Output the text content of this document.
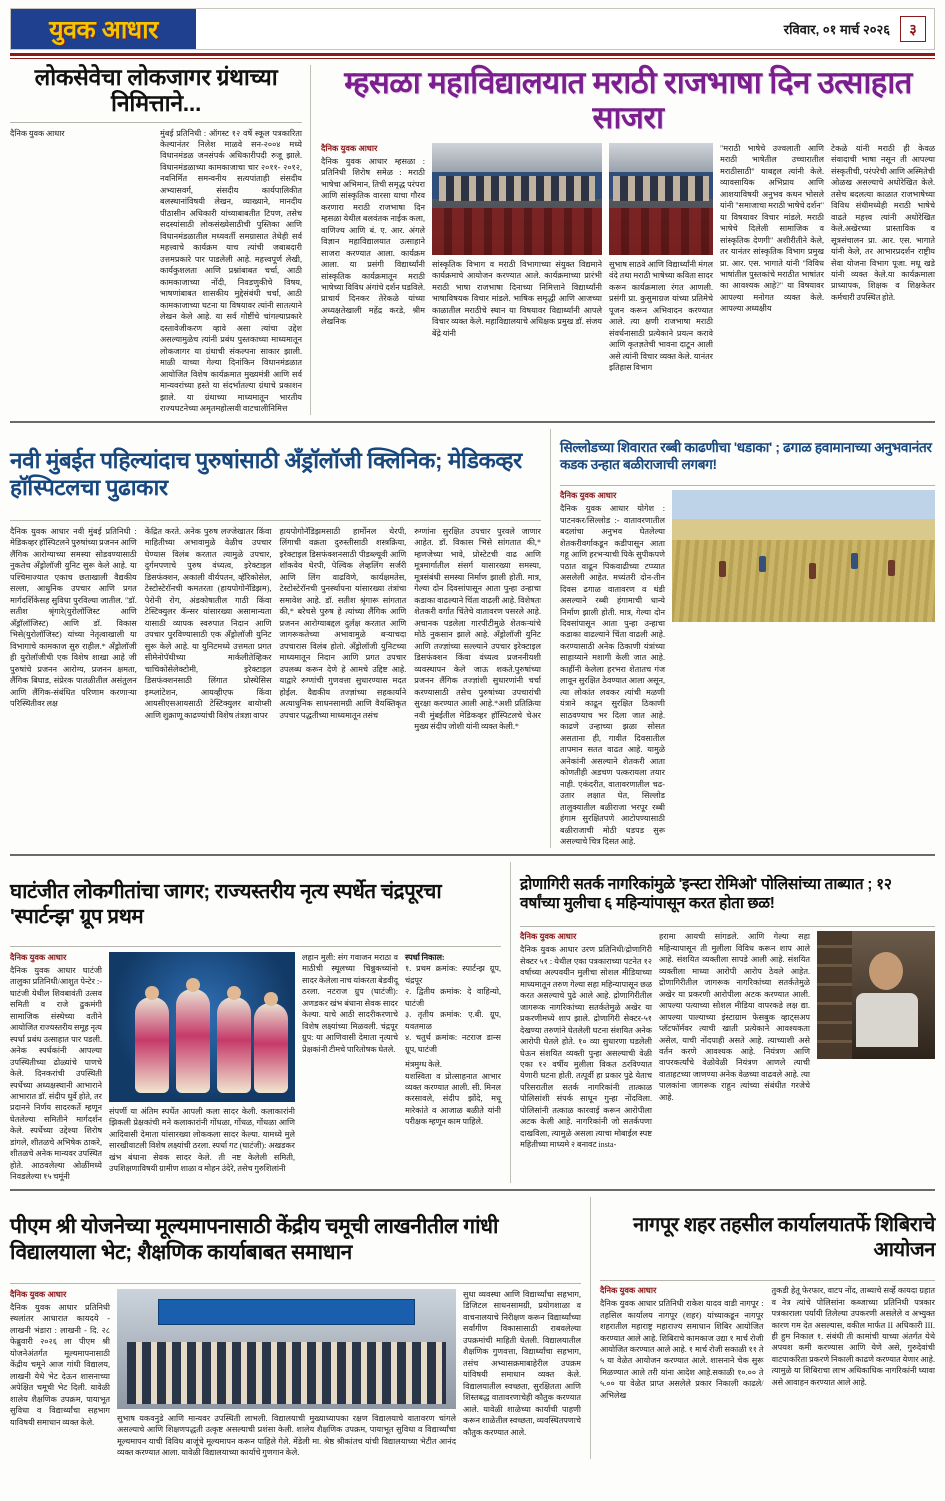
युवक आधार	रविवार, ०१ मार्च २०२६	३
लोकसेवेचा लोकजागर ग्रंथाच्या निमित्ताने...
दैनिक युवक आधार	मुंबई प्रतिनिधी : ऑगस्ट १२ वर्षे स्कूल पत्रकारिता केल्यानंतर निलेश माळवे सन-२००४ मध्ये विधानमंडळ जनसंपर्क अधिकारीपदी रुजू झाले. विधानमंडळाच्या कामकाजाचा चार २०११- २०१२, नवनिर्मित समन्वनीय सत्यपांताही संसदीय अभ्यासवर्ग, संसदीय कार्यपालिकीत बलस्थानांविषयी लेखन, व्याख्याने, मानदीय पीठासीन अधिकारी यांच्याबाबतीत टिपण, तसेच सदस्यांसाठी लोकसंख्येसाठीची पुस्तिका आणि विधानमंडळातील मध्यवर्ती समग्रासात तेथेही सर्व महत्त्वाचे कार्यक्रम याच त्यांची जबाबदारी उत्तमप्रकारे पार पाडलेली आहे. महत्त्वपूर्ण लेखी, कार्यकुशलता आणि प्रश्नांबाबत चर्चा, आठी कामकाजाच्या नोंदी, निवडणुकीचे विषय, भाषणांबाबत शासकीय मुद्देसंबंधी चर्चा, आठी कामकाजाच्या घटना या विषयावर त्यांनी सातत्याने लेखन केले आहे. या सर्व गोष्टींचे चांगल्याप्रकारे दस्तावेजीकरण व्हावे असा त्यांचा उद्देश असल्यामुळेच त्यांनी प्रबंध पुस्तकाच्या माध्यमातून लोकजागर या ग्रंथाची संकल्पना साकार झाली. माळी याच्या गेल्या दिनांकिन विधानमंडळात आयोजित विशेष कार्यक्रमात मुख्यमंत्री आणि सर्व मान्यवरांच्या हस्ते या संदर्भातल्या ग्रंथाचे प्रकाशन झाले. या ग्रंथाच्या माध्यमातून भारतीय राज्यघटनेच्या अमृतमहोत्सवी वाटचालीनिमित्त
म्हसळा महाविद्यालयात मराठी राजभाषा दिन उत्साहात साजरा
दैनिक युवक आधार
दैनिक युवक आधार म्हसळा : प्रतिनिधी शिरोष समेळ : मराठी भाषेचा अभिमान, तिची समृद्ध परंपरा आणि सांस्कृतिक वारसा याचा गौरव करणारा मराठी राजभाषा दिन म्हसळा येथील बलवंतक नाईक कला, वाणिज्य आणि बं. ए. आर. अंगले विज्ञान महाविद्यालयात उत्साहाने साजरा करण्यात आला. कार्यक्रम आला. या प्रसंगी विद्यार्थ्यांनी सांस्कृतिक कार्यक्रमातून मराठी भाषेच्या विविध अंगांचे दर्शन घडविले. प्राचार्य दिनकर तेरेकळे यांच्या अध्यक्षतेखाली महेंद्र करडे, श्रीम लेखनिक
सांस्कृतिक विभाग व मराठी विभागाच्या संयुक्त विद्यमाने कार्यक्रमाचे आयोजन करण्यात आले. कार्यक्रमाच्या प्रारंभी मराठी भाषा राजभाषा दिनाच्या निमित्ताने विद्यार्थ्यांनी भाषाविषयक विचार मांडले. भाषिक समृद्धी आणि आजच्या काळातील मराठीचे स्थान या विषयावर विद्यार्थ्यांनी आपले विचार व्यक्त केले. महाविद्यालयाचे अधिक्षक प्रमुख डॉ. संजय बेंद्रे यांनी
सुभाष साठवे आणि विद्यार्थ्यांनी मंगल वंदे तथा मराठी भाषेच्या कविता सादर करून कार्यक्रमाला रंगत आणली. प्रसंगी प्रा. कुसुमाग्रज यांच्या प्रतिमेचे पूजन करून अभिवादन करण्यात आले. त्या क्षणी राजभाषा मराठी संवर्धनासाठी प्रत्येकाने प्रयत्न करावे आणि कृतज्ञतेची भावना दाटून आली असे त्यांनी विचार व्यक्त केले. यानंतर इतिहास विभाग
"मराठी भाषेचे उज्वलाती आणि मराठी भाषेतील उच्चारातील मराठीसाठी" याबद्दल त्यांनी केले. व्यावसायिक अभिप्राय आणि आशयाविषयी अनुभव कथन भोसले यांनी "समाजाचा मराठी भाषेचे दर्शन" या विषयावर विचार मांडले. मराठी भाषेचे दिलेली सामाजिक व सांस्कृतिक देणगी" अशीरीतीने केले, तर यानंतर सांस्कृतिक विभाग प्रमुख प्रा. आर. एस. भागाते यांनी "विविध भाषांतील पुस्तकांचे मराठीत भाषांतर का आवश्यक आहे?" या विषयावर आपल्या मनोगत व्यक्त केले. आपल्या अध्यक्षीय
टेकळे यांनी मराठी ही केवळ संवादाची भाषा नसून ती आपल्या संस्कृतीची, परंपरेची आणि अस्मितेची ओळख असल्याचे अधोरेखित केले. तसेच बदलत्या काळात राजभाषेच्या विविध संधीमध्येही मराठी भाषेचे वाढते महत्त्व त्यांनी अधोरेखित केले.अखेरच्या प्रास्ताविक व सूत्रसंचालन प्रा. आर. एस. भागाते यांनी केले, तर आभारप्रदर्शन राष्ट्रीय सेवा योजना विभाग पूजा. मधू खडे यांनी व्यक्त केले.या कार्यक्रमाला प्राध्यापक, शिक्षक व शिक्षकेतर कर्मचारी उपस्थित होते.
नवी मुंबईत पहिल्यांदाच पुरुषांसाठी अँड्रॉलॉजी क्लिनिक; मेडिकव्हर हॉस्पिटलचा पुढाकार
दैनिक युवक आधार नवी मुंबई प्रतिनिधी : मेडिकव्हर हॉस्पिटलने पुरुषांच्या प्रजनन आणि लैंगिक आरोग्याच्या समस्या सोडवण्यासाठी नुकतेच अँड्रोलॉजी युनिट सुरू केले आहे. या पश्चिमाज्यात एकाच छताखाली वैद्यकीय सल्ला, आधुनिक उपचार आणि प्रगत मार्गदर्शिकेसह सुविधा पुरविल्या जातील. "डॉ. सतीश श्रृंगारे(युरोलॉजिस्ट आणि अँड्रॉलॉजिस्ट) आणि डॉ. विकास भिसे(युरोलॉजिस्ट) यांच्या नेतृत्वाखाली या विभागाचे कामकाज सुरु राहील.* अँड्रोलॉजी ही युरोलॉजीची एक विशेष शाखा आहे जी पुरुषांचे प्रजनन आरोग्य, प्रजनन क्षमता, लैंगिक बिघाड, संप्रेरक पातळीतील असंतुलन आणि लैंगिक-संबंधित परिणाम करणाऱ्या परिस्थितीवर लक्ष
केंद्रित करते. अनेक पुरुष लज्जेखातर किंवा माहितीच्या अभावामुळे वेळीच उपचार घेण्यास विलंब करतात त्यामुळे उपचार, दुर्गमपणाचे पुरुष वंध्यत्व, इरेक्टाइल डिसफंक्शन, अकाली वीर्यपतन, व्हॅरिकोसेल, टेस्टोस्टेरॉनची कमतरता (हायपोगोनॅडिझम), पेरोनी रोग, अंडकोषातील गाठी किंवा टेस्टिक्युलर कॅन्सर यांसारख्या असामान्यता यासाठी व्यापक स्वरुपात निदान आणि उपचार पुरविण्यासाठी एक अँड्रोलॉजी युनिट सुरू केले आहे. या युनिटमध्ये उत्तमता प्रगत सीमेनोपॅथीच्या मार्कलीतेव्हिकर चाचिकोसेलेक्टोमी, इरेक्टाइल डिसफंक्शनसाठी लिंगात प्रोस्थेसिस इम्प्लांटेशन, आयव्हीएफ किंवा आयसीएसआयसाठी टेस्टिक्युलर बायोप्सी आणि शुक्राणू काढण्यांची विशेष तंत्रज्ञा वापर
हायपोगोनॅडिझमसाठी हार्मोनल थेरपी, लिंगाची वक्रता दुरुस्तीसाठी शस्त्रक्रिया, इरेक्टाइल डिसफंक्शनसाठी पीडब्ल्यूवी आणि शॉकवेव थेरपी, पेल्विक लेव्हलिंग सर्जरी आणि लिंग वाढविणे, कार्यक्षमतेस, टेस्टोस्टेरॉनची पुनर्स्थापना यांसारख्या तंत्रांचा समावेश आहे. डॉ. सतीश श्रृंगारू सांगतात की,* बरेचसे पुरुष हे त्यांच्या लैंगिक आणि प्रजनन आरोग्याबद्दल दुर्लक्ष करतात आणि जागरूकतेच्या अभावामुळे बऱ्याचदा उपचारास विलंब होतो. अँड्रोलॉजी युनिटच्या माध्यमातून निदान आणि प्रगत उपचार उपलब्ध करून देणे हे आमचे उद्दिष्ट आहे. याद्वारे रुग्णांची गुणवत्ता सुधारण्यास मदत होईल. वैद्यकीय तज्ज्ञांच्या सहकार्याने अत्याधुनिक साधनसामग्री आणि वैयक्तिकृत उपचार पद्धतीच्या माध्यमातून तसंच
रुग्णांना सुरक्षित उपचार पुरवले जाणार आहेत. डॉ. विकास भिसे सांगतात की,* म्हणजेच्या भावे, प्रोस्टेटची वाढ आणि मूत्रमार्गातील संसर्ग यासारख्या समस्या, मूत्रसंबंधी समस्या निर्माण झाली होती. मात्र, गेल्या दोन दिवसांपासून आता पुन्हा उन्हाचा कडाका वाढल्याने चिंता वाढली आहे. विशेषतः शेतकरी वर्गात चिंतेचे वातावरण पसरले आहे. अचानक पडलेला गारपीटीमुळे शेतकऱ्यांचे मोठे नुकसान झाले आहे. अँड्रोलॉजी युनिट आणि तज्ज्ञांच्या सल्ल्याने उपचार इरेक्टाइल डिसफंक्शन किंवा वंध्यत्व प्रजननीयशी व्यवस्थापन केले जाऊ शकते.पुरुषांच्या प्रजनन लैंगिक तज्ज्ञांशी सुधारणांनी चर्चा करण्यासाठी तसेच पुरुषांच्या उपचारांची सुरक्षा करण्यात आली आहे.*अशी प्रतिक्रिया नवी मुंबईतील मेडिकव्हर हॉस्पिटलचे चेअर मुख्य संदीप जोशी यांनी व्यक्त केली.*
सिल्लोडच्या शिवारात रब्बी काढणीचा 'धडाका' ; ढगाळ हवामानाच्या अनुभवानंतर कडक उन्हात बळीराजाची लगबग!
दैनिक युवक आधार
दैनिक युवक आधार योगेश : पाटनकर/सिल्लोड :- वातावरणातील बदलांचा अनुभव घेतलेल्या शेतकरीवर्गाकडून कडीपासून आता गहू आणि हरभऱ्याची पिके सुपीकपणे पठात वाढून पिकवाढीच्या टप्प्यात असलेली आहेत. मध्यंतरी दोन-तीन दिवस ढगाळ वातावरण व थंडी असल्याने रब्बी हंगामाची धान्ये निर्माण झाली होती. मात्र, गेल्या दोन दिवसांपासून आता पुन्हा उन्हाचा कडाका वाढल्याने चिंता वाढली आहे. करण्यासाठी अनेक ठिकाणी यंत्रांच्या साहाय्याने मशागी केली जात आहे. काहींनी केलेला हरभरा शेतातच गंज लावून सुरक्षित ठेवण्यात आला असून, त्या लोकांत लवकर त्यांची मळणी यंत्राने काढून सुरक्षित ठिकाणी साठवण्याच भर दिला जात आहे. काढणे उन्हाच्या झळा सोसत असताना ही, गावीत दिवसातील तापमान सतत वाढत आहे. यामुळे अनेकांनी असल्याने शेतकरी आता कोणतीही अडचण पत्करायला तयार नाही. एकंदरीत, वातावरणातील चढ-उतार लक्षात घेत, सिल्लोड तालुक्यातील बळीराजा भरपूर रब्बी हंगाम सुरक्षितपणे आटोपण्यासाठी बळीराजाची मोठी धडपड सुरू असल्याचे चित्र दिसत आहे.
घाटंजीत लोकगीतांचा जागर; राज्यस्तरीय नृत्य स्पर्धेत चंद्रपूरचा 'स्पार्टन्झ' ग्रूप प्रथम
दैनिक युवक आधार
दैनिक युवक आधार घाटंजी तालुका प्रतिनिधी/आशुत पेन्टेर :- घाटंजी येथील शिवबावंती उत्सव समिती व राजे ढुकमंगी सामाजिक संस्थेच्या वतीने आयोजित राज्यस्तरीय समूह नृत्य स्पर्धा प्रबंध उत्साहात पार पडली. अनेक स्पर्धकांनी आपल्या उपस्थितीच्या ढोळ्यांचे पाणचे केले. दिनकरांची उपस्थिती स्पर्धेच्या अध्यक्षस्थानी आभाराने आभारात डॉ. संदीप धुर्वे होते, तर प्रदानने निर्णय सादरकर्ते म्हणून घेतलेल्या समितीने मार्गदर्शन केले. स्पर्धेच्या उद्देश्या शिरोष डांगले, शीतळचे अभिषेक ठाकरे, शीतळचे अनेक मान्यवर उपस्थित होते. आठवलेल्या ओळींमध्ये निवडलेल्या १५ चमूंनी
संपर्णी या अंतिम स्पर्धेत आपली कला सादर केली. कलाकारांनी झिकली प्रेक्षकांची मने कलाकारांनी गोंधळा, गोंधळ, गोंधळा आणि आदिवासी देमाता यांसारख्या लोककला सादर केल्या. यामध्ये मुले सारखीवाटली विशेष लक्ष्यांची ठरला. स्पर्धा गट (घाटंजी): अखडकर खंभ बंधाना सेवक सादर केले. ती नष्ट केलेली समिती, उपशिक्षणाविषयी ग्रामीण शाळा व मोहन उंदेरे, तसेच गुरुशिलांनी
लहान मुली: संग गवाजन मराठा व माठीची स्थूलच्या चिन्नुकच्यांनो सादर केलेला नाच यांकरता बेडवीदू ठरला. नटराज ग्रुप (घाटंजी): अणडकर खंभ बंधाना सेवक सादर केल्या. याचे आठी सादरीकरणाचे विशेष लक्ष्यांच्या मिळवली. चंद्रपूर ग्रुप: या आणिवासी देमाता नृत्याचे प्रेक्षकांनी टीमचे पारितोषक घेतले.
स्पर्धा निकाल:
१. प्रथम क्रमांक: स्पार्टन्झ ग्रूप, चंद्रपूर
२. द्वितीय क्रमांक: दे वाहिन्यो, घाटंजी
३. तृतीय क्रमांक: ए.बी. ग्रूप, यवतमाळ
४. चतुर्थ क्रमांक: नटराज डान्स ग्रूप, घाटंजी
मंत्रमुग्ध केले.
यशस्विता व प्रोत्साहनात आभार व्यक्त करण्यात आली. सी. मिनल करसावले, संदीप झोंदे, मधू मारेकांते व आजाळ बळीते यांनी परीक्षक म्हणून काम पाहिले.
द्रोणागिरी सतर्क नागरिकांमुळे 'इन्स्टा रोमिओ' पोलिसांच्या ताब्यात ; १२ वर्षांच्या मुलीचा ६ महिन्यांपासून करत होता छळ!
दैनिक युवक आधार
दैनिक युवक आधार उरण प्रतिनिधी/द्रोणागिरी सेक्टर ५१ : येथील एका पत्रकाराच्या पटनेत १२ वर्षाच्या अल्पवयीन मुलीचा सोशल मीडियाच्या माध्यमातून तरुण गेल्या सहा महिन्यापासून छळ करत असल्याचे पुढे आले आहे. द्रोणागिरीतील जागरूक नागरिकांच्या सतर्कतेमुळे अखेर या प्रकरणीमध्ये शाप झाले. द्रोणागिरी सेक्टर-५१ देखण्या तरुणांने घेतलेली घटना संशयित अनेक आरोपी घेतले होते. १० व्या सुधारणा घडलेली घेऊन संशयित व्यक्ती पुन्हा असल्याची वेळी एका १२ वर्षीय मुलीला विकत ठरविण्यात येणारी घटना होती. तत्पूर्वी हा प्रकार पुढे येताच परिसरातील सतर्क नागरिकांनी तात्काळ पोलिसांशी संपर्क साधून गुन्हा नोंदविला. पोलिसांनी तत्काळ कारवाई करून आरोपीला अटक केली आहे. नागरिकांनी जो सतर्कपणा दाखविला, त्यामुळे असला त्याचा मोबाईल स्पष्ट महितीच्या माध्यमे २ बनावट insta-
हरामा आयची सांगडले. आणि गेल्या सहा महिन्यापासून ती मुलीला विविध करून शाप आले आहे. संशयित व्यक्तीला सापडे आली आहे. संशयित व्यक्तीला माध्या आरोपी आरोप ठेवले आहेत. द्रोणागिरीतील जागरूक नागरिकांच्या सतर्कतेमुळे अखेर या प्रकरणी आरोपीला अटक करण्यात आली. आपल्या पत्याच्या सोशल मीडिया वापरकडे लक्ष द्या. आपल्या पाल्याच्या इंस्टाग्राम फेसबुक व्हाट्सअप प्लॅटफॉर्मवर त्याची खाती प्रत्येकाने आवश्यकता असेल, याची नोंदपाही असते आहे. त्याच्याशी असे वर्तन करणे आवश्यक आहे. नियंत्रण आणि वापरकर्त्यांचे वेळोवेळी नियंत्रण आणले त्याची वाताहटच्या जाणण्या अनेक वेळच्या वाढवले आहे. त्या पालकांना जागरूक राहून त्यांच्या संबंधीत गरजेचे आहे.
पीएम श्री योजनेच्या मूल्यमापनासाठी केंद्रीय चमूची लाखनीतील गांधी विद्यालयाला भेट; शैक्षणिक कार्याबाबत समाधान
दैनिक युवक आधार
दैनिक युवक आधार प्रतिनिधी स्थलांतर आधारात कायदये - लाखनी भंडारा : लाखनी - दि. २८ फेब्रुवारी २०२६ ला पीएम श्री योजनेअंतर्गत मूल्यमापनासाठी केंद्रीय चमूने आज गांधी विद्यालय, लाखनी येथे भेट देऊन शासनाच्या अपेक्षित चमूची भेट दिली. यावेळी शालेय शैक्षणिक उपक्रम, पायाभूत सुविधा व विद्यार्थ्यांचा सहभाग याविषयी समाधान व्यक्त केले.	सुभाष यकवनुडे आणि मान्यवर उपस्थिती लाभली. विद्यालयाची मुख्याध्यापका रक्षण विद्यालयाचे वातावरण चांगले असल्याचे आणि शिक्षणपद्धती उत्कृष्ट असल्याची प्रशंसा केली. शालेय शैक्षणिक उपक्रम, पायाभूत सुविधा व विद्यार्थ्यांचा मूल्यमापन याची विविध बाजूंचे मूल्यमापन करून पाहिले गेले. मेंडेली मा. श्रेष्ठ श्रीकांतच यांची विद्यालयाच्या भेटीत आनंद व्यक्त करण्यात आला. यावेळी विद्यालयाच्या कार्याचे गुणगान केले.
सुधा व्यवस्था आणि विद्यार्थ्यांचा सहभाग, डिजिटल साधनसामग्री, प्रयोगशाळा व वाचनालयाचे निरीक्षण करून विद्यार्थ्यांच्या सर्वांगीण विकासासाठी राबवलेल्या उपक्रमांची माहिती घेतली. विद्यालयातील शैक्षणिक गुणवत्ता, विद्यार्थ्यांचा सहभाग, तसंच अभ्यासक्रमाबाहेरील उपक्रम यांविषयी समाधान व्यक्त केले. विद्यालयातील स्वच्छता, सुरक्षितता आणि शिस्तबद्ध वातावरणाचेही कौतुक करण्यात आले. यावेळी शाळेच्या कार्याची पाहणी करून शाळेतील स्वच्छता, व्यवस्थितपणाचे कौतुक करण्यात आले.
नागपूर शहर तहसील कार्यालयातर्फे शिबिराचे आयोजन
दैनिक युवक आधार
दैनिक युवक आधार प्रतिनिधी राकेश यादव वाडी नागपूर : तहसिल कार्यालय नागपूर (शहर) यांच्याकडून नागपूर शहरातील महाराष्ट्र महाराज्य समाधान शिबिर आयोजित करण्यात आले आहे. शिबिराचे कामकाज उद्या १ मार्च रोजी आयोजित करण्यात आले आहे. १ मार्च रोजी सकाळी ११ ते ५ या वेळेत आयोजन करण्यात आले. शासनाने चेक सुरू मिळण्यात आले तरी यांना आदेश आहे.सकाळी १०.०० ते ५.०० या वेळेत प्राप्त असलेले प्रकार निकाली काढले/अभिलेख
तुकडी हेतू फेरफार, वाटप नोंद, ताब्याचे सर्व्हे कायदा ग्रहात व नेत्र त्यांचे पोलिसांना कब्जाच्या प्रतिनिधी पत्रकार पत्रकाराला पर्यायी तिलेल्या उपकरणी असलेले व अभ्युक्त कारण गम देत असल्यास, वकील मार्फत II अधिकारी III. ही हुम निकाल १. संबंधी ती कामांची याच्या अंतर्गत येथे अपयश कमी करण्यास आणि येणे असे, गुरुदेवांची वाटपाकरिता प्रकरणे निकाली काढणे करण्यात येणार आहे. त्यामुळे या शिबिराचा लाभ अधिकाधिक नागरिकांनी घ्यावा असे आवाहन करण्यात आले आहे.
